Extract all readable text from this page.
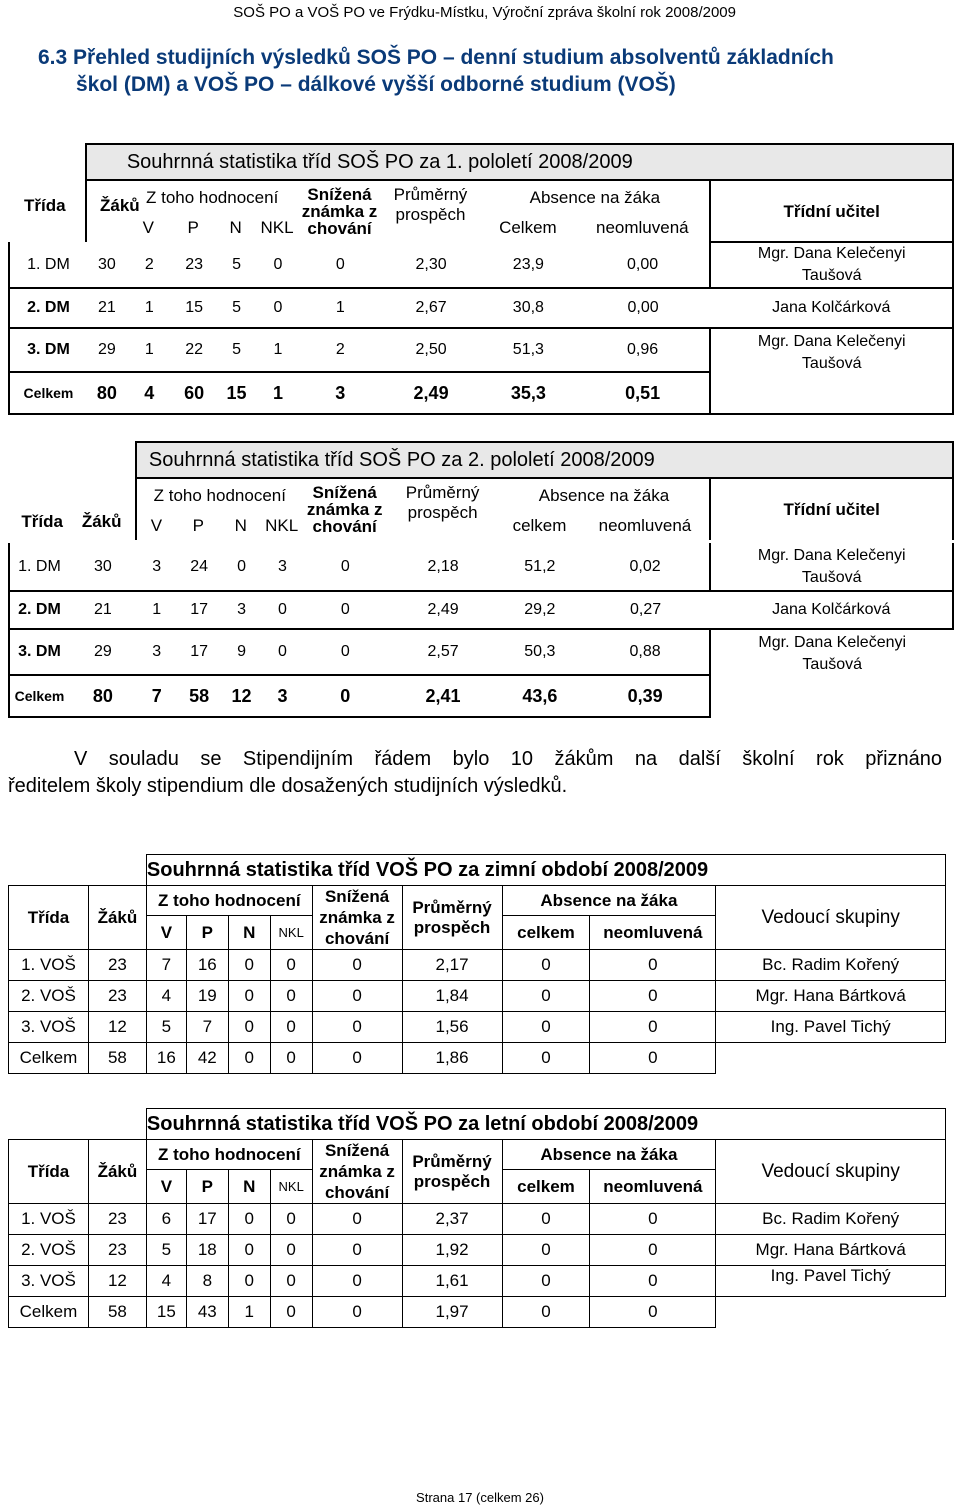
SOŠ PO a VOŠ PO ve Frýdku-Místku, Výroční zpráva školní rok 2008/2009
6.3 Přehled studijních výsledků SOŠ PO – denní studium absolventů základních
škol (DM) a VOŠ PO – dálkové vyšší odborné studium (VOŠ)
	Souhrnná statistika tříd SOŠ PO za 1. pololetí 2008/2009									
		Z toho hodnocení				Snížená
známka z
chování	Průměrný
prospěch	Absence na žáka		Třídní učitel
		V	P	N	NKL			Celkem	neomluvená	
Třída Žáků
1. DM	30	2	23	5	0	0	2,30	23,9	0,00	Mgr. Dana Kelečenyi
Taušová
2. DM	21	1	15	5	0	1	2,67	30,8	0,00	Jana Kolčárková
3. DM	29	1	22	5	1	2	2,50	51,3	0,96	Mgr. Dana Kelečenyi
Taušová
Celkem	80	4	60	15	1	3	2,49	35,3	0,51	
Třída Žáků	Souhrnná statistika tříd SOŠ PO za 2. pololetí 2008/2009								
	Z toho hodnocení				Snížená
známka z
chování	Průměrný
prospěch	Absence na žáka		Třídní učitel
	V	P	N	NKL			celkem	neomluvená	
1. DM	30	3	24	0	3	0	2,18	51,2	0,02	Mgr. Dana Kelečenyi
Taušová
2. DM	21	1	17	3	0	0	2,49	29,2	0,27	Jana Kolčárková
3. DM	29	3	17	9	0	0	2,57	50,3	0,88	Mgr. Dana Kelečenyi
Taušová
Celkem	80	7	58	12	3	0	2,41	43,6	0,39	
V souladu se Stipendijním řádem bylo 10 žákům na další školní rok přiznáno
ředitelem školy stipendium dle dosažených studijních výsledků.
		Souhrnná statistika tříd VOŠ PO za zimní období 2008/2009								
Třída	Žáků	Z toho hodnocení				Snížená
známka z
chování	Průměrný
prospěch	Absence na žáka		Vedoucí skupiny
		V	P	N	NKL			celkem	neomluvená	
1. VOŠ	23	7	16	0	0	0	2,17	0	0	Bc. Radim Kořený
2. VOŠ	23	4	19	0	0	0	1,84	0	0	Mgr. Hana Bártková
3. VOŠ	12	5	7	0	0	0	1,56	0	0	Ing. Pavel Tichý
Celkem	58	16	42	0	0	0	1,86	0	0	
		Souhrnná statistika tříd VOŠ PO za letní období 2008/2009								
Třída	Žáků	Z toho hodnocení				Snížená
známka z
chování	Průměrný
prospěch	Absence na žáka		Vedoucí skupiny
		V	P	N	NKL			celkem	neomluvená	
1. VOŠ	23	6	17	0	0	0	2,37	0	0	Bc. Radim Kořený
2. VOŠ	23	5	18	0	0	0	1,92	0	0	Mgr. Hana Bártková
3. VOŠ	12	4	8	0	0	0	1,61	0	0	Ing. Pavel Tichý
Celkem	58	15	43	1	0	0	1,97	0	0	
Strana 17 (celkem 26)
